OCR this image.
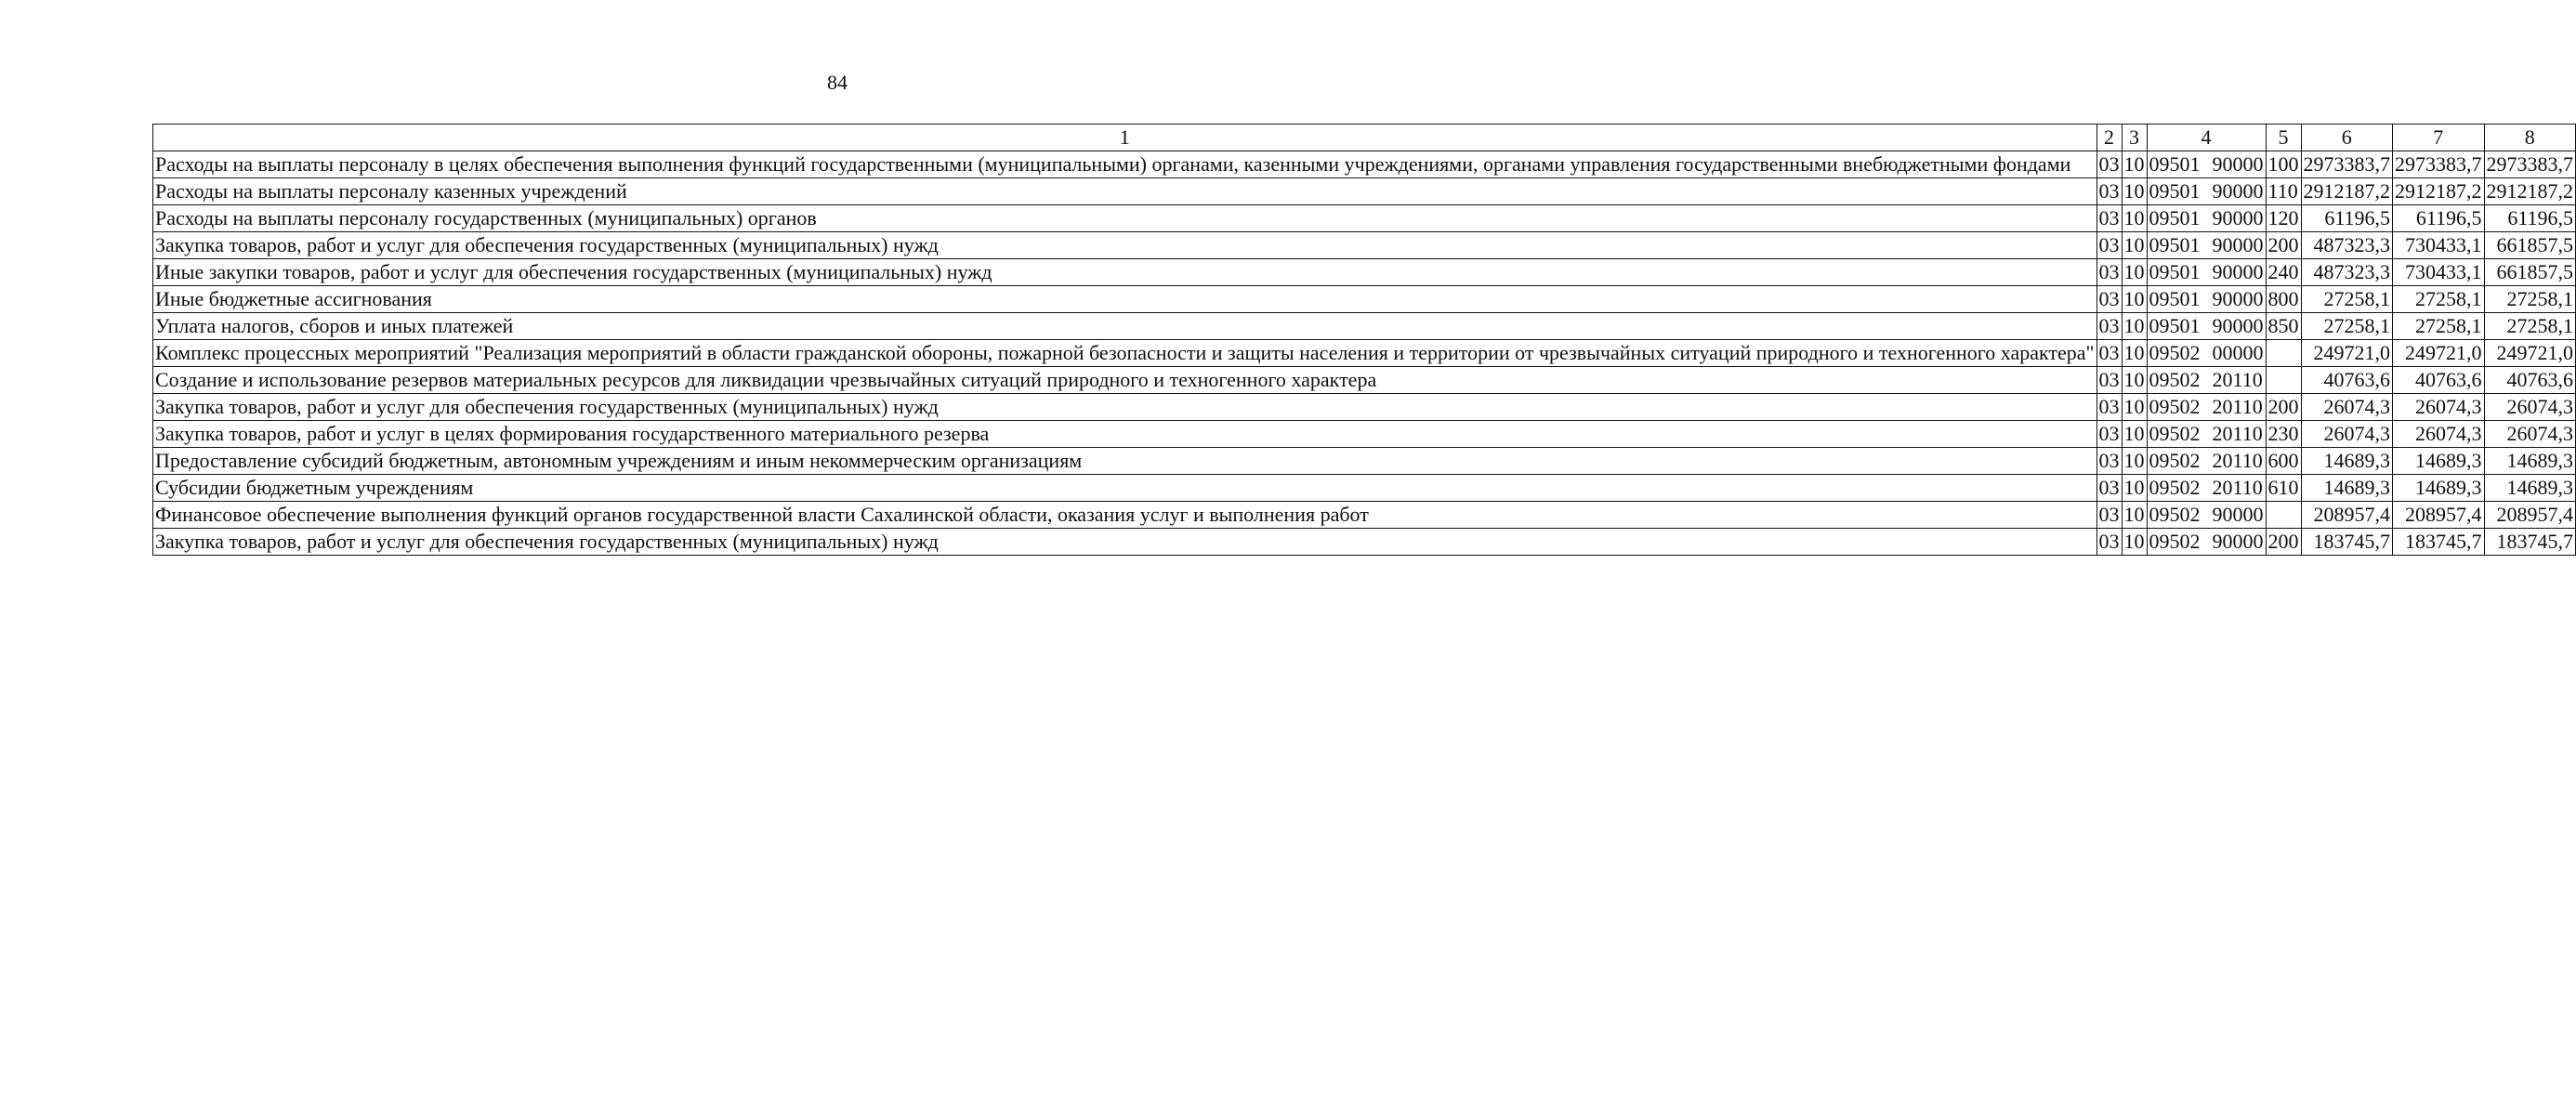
84
1	2	3	4	5	6	7	8
Расходы на выплаты персоналу в целях обеспечения выполнения функций государственными (муниципальными) органами, казенными учреждениями, органами управления государственными внебюджетными фондами	03	10	09501 90000	100	2973383,7	2973383,7	2973383,7
Расходы на выплаты персоналу казенных учреждений	03	10	09501 90000	110	2912187,2	2912187,2	2912187,2
Расходы на выплаты персоналу государственных (муниципальных) органов	03	10	09501 90000	120	61196,5	61196,5	61196,5
Закупка товаров, работ и услуг для обеспечения государственных (муниципальных) нужд	03	10	09501 90000	200	487323,3	730433,1	661857,5
Иные закупки товаров, работ и услуг для обеспечения государственных (муниципальных) нужд	03	10	09501 90000	240	487323,3	730433,1	661857,5
Иные бюджетные ассигнования	03	10	09501 90000	800	27258,1	27258,1	27258,1
Уплата налогов, сборов и иных платежей	03	10	09501 90000	850	27258,1	27258,1	27258,1
Комплекс процессных мероприятий "Реализация мероприятий в области гражданской обороны, пожарной безопасности и защиты населения и территории от чрезвычайных ситуаций природного и техногенного характера"	03	10	09502 00000		249721,0	249721,0	249721,0
Создание и использование резервов материальных ресурсов для ликвидации чрезвычайных ситуаций природного и техногенного характера	03	10	09502 20110		40763,6	40763,6	40763,6
Закупка товаров, работ и услуг для обеспечения государственных (муниципальных) нужд	03	10	09502 20110	200	26074,3	26074,3	26074,3
Закупка товаров, работ и услуг в целях формирования государственного материального резерва	03	10	09502 20110	230	26074,3	26074,3	26074,3
Предоставление субсидий бюджетным, автономным учреждениям и иным некоммерческим организациям	03	10	09502 20110	600	14689,3	14689,3	14689,3
Субсидии бюджетным учреждениям	03	10	09502 20110	610	14689,3	14689,3	14689,3
Финансовое обеспечение выполнения функций органов государственной власти Сахалинской области, оказания услуг и выполнения работ	03	10	09502 90000		208957,4	208957,4	208957,4
Закупка товаров, работ и услуг для обеспечения государственных (муниципальных) нужд	03	10	09502 90000	200	183745,7	183745,7	183745,7
